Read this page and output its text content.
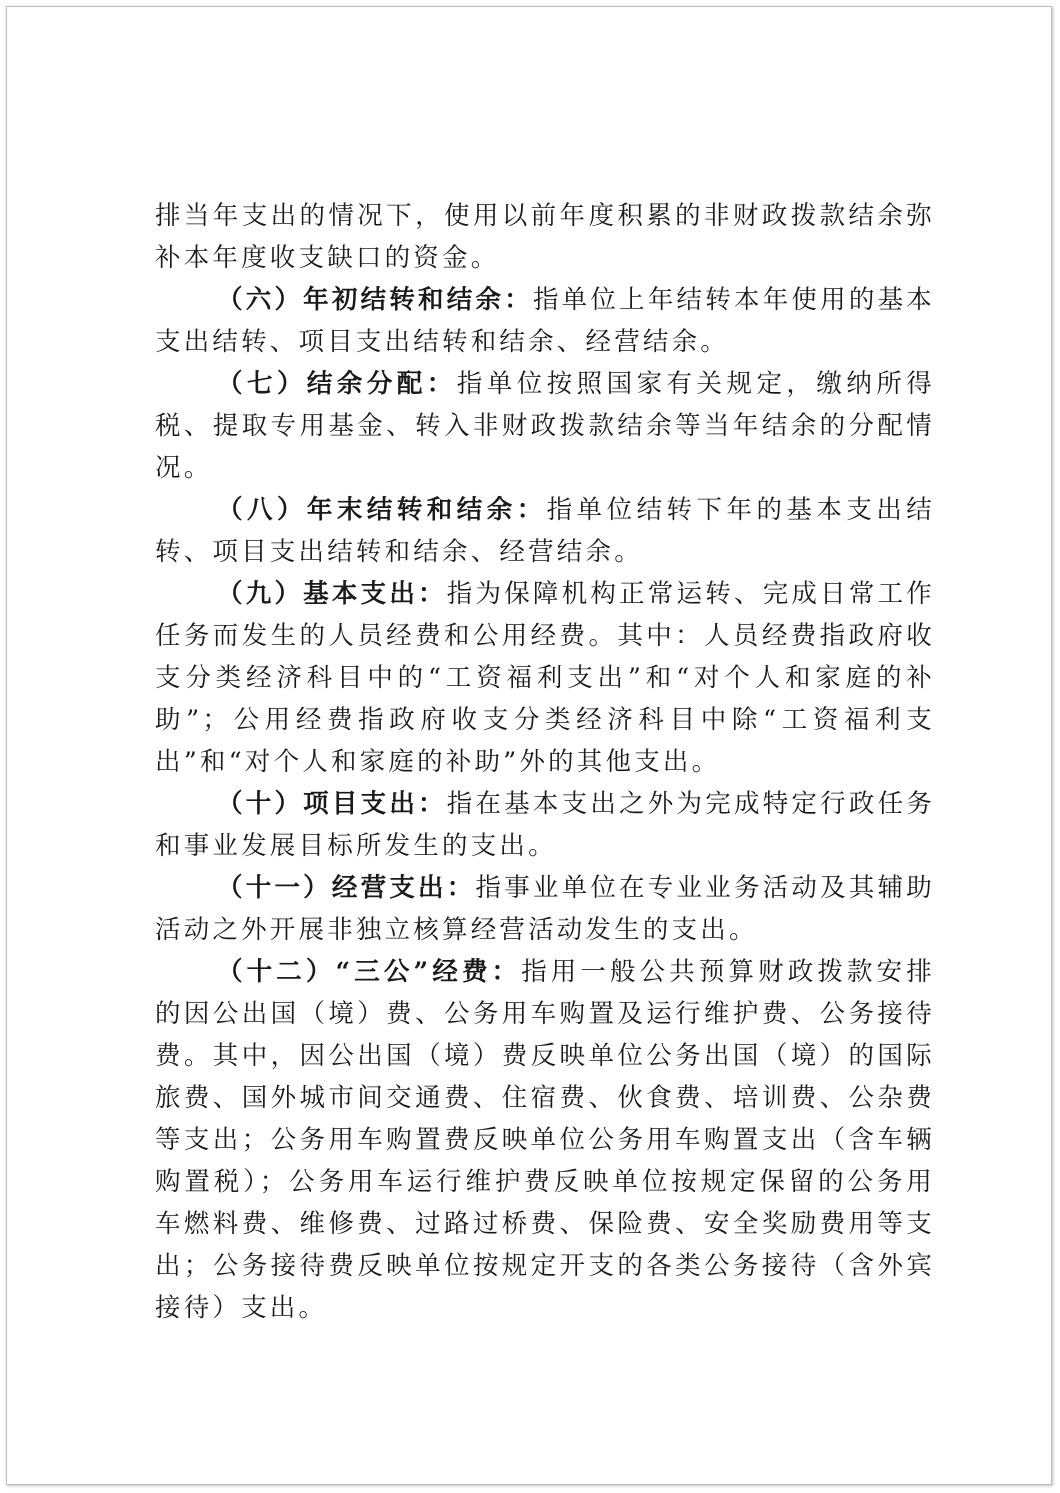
排当年支出的情况下，使用以前年度积累的非财政拨款结余弥补本年度收支缺口的资金。

（六）年初结转和结余：指单位上年结转本年使用的基本支出结转、项目支出结转和结余、经营结余。

（七）结余分配：指单位按照国家有关规定，缴纳所得税、提取专用基金、转入非财政拨款结余等当年结余的分配情况。

（八）年末结转和结余：指单位结转下年的基本支出结转、项目支出结转和结余、经营结余。

（九）基本支出：指为保障机构正常运转、完成日常工作任务而发生的人员经费和公用经费。其中：人员经费指政府收支分类经济科目中的“工资福利支出”和“对个人和家庭的补助”；公用经费指政府收支分类经济科目中除“工资福利支出”和“对个人和家庭的补助”外的其他支出。

（十）项目支出：指在基本支出之外为完成特定行政任务和事业发展目标所发生的支出。

（十一）经营支出：指事业单位在专业业务活动及其辅助活动之外开展非独立核算经营活动发生的支出。

（十二）“三公”经费：指用一般公共预算财政拨款安排的因公出国（境）费、公务用车购置及运行维护费、公务接待费。其中，因公出国（境）费反映单位公务出国（境）的国际旅费、国外城市间交通费、住宿费、伙食费、培训费、公杂费等支出；公务用车购置费反映单位公务用车购置支出（含车辆购置税）；公务用车运行维护费反映单位按规定保留的公务用车燃料费、维修费、过路过桥费、保险费、安全奖励费用等支出；公务接待费反映单位按规定开支的各类公务接待（含外宾接待）支出。
